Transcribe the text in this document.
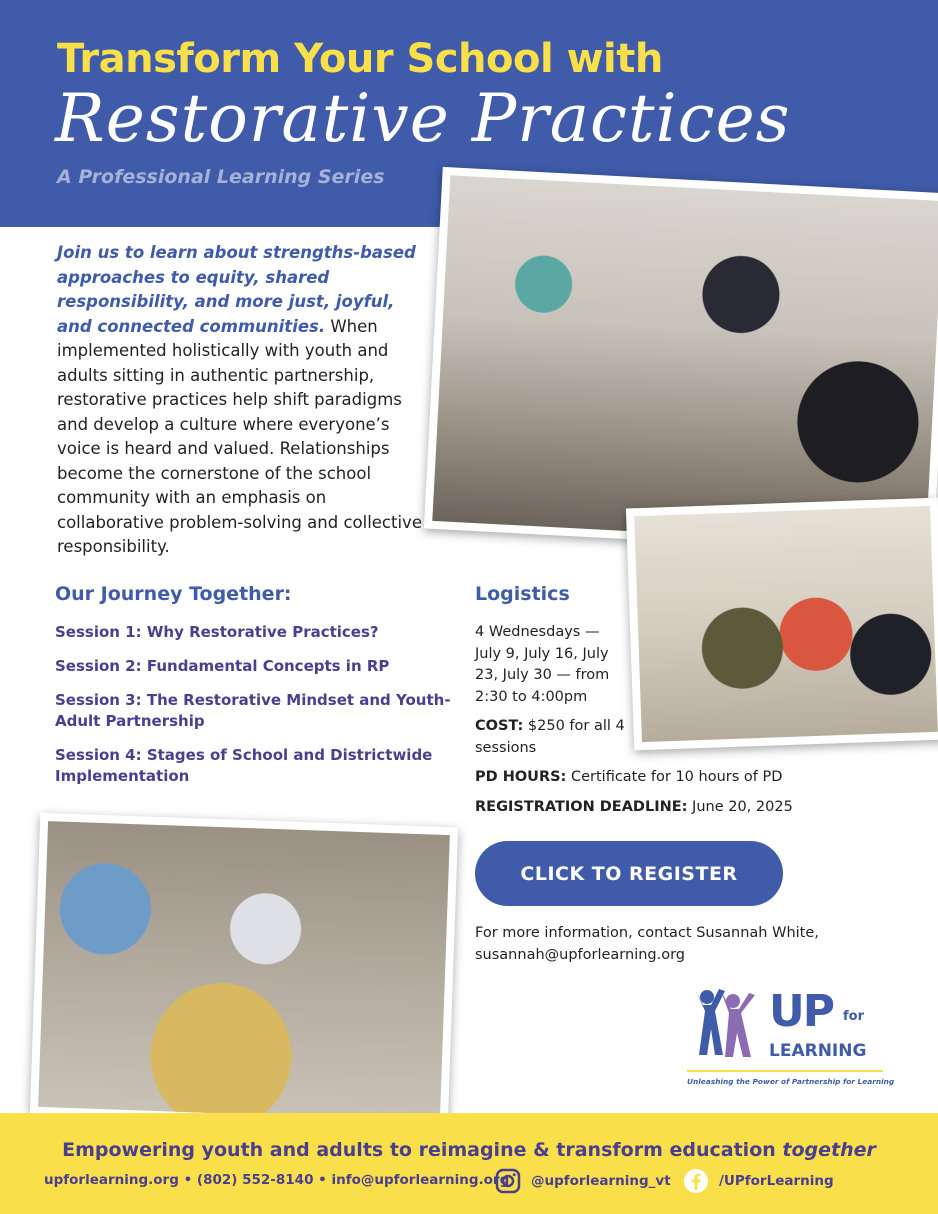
Transform Your School with
Restorative Practices
A Professional Learning Series
Join us to learn about strengths-based approaches to equity, shared responsibility, and more just, joyful, and connected communities. When implemented holistically with youth and adults sitting in authentic partnership, restorative practices help shift paradigms and develop a culture where everyone’s voice is heard and valued. Relationships become the cornerstone of the school community with an emphasis on collaborative problem-solving and collective responsibility.
Our Journey Together:
Session 1: Why Restorative Practices?
Session 2: Fundamental Concepts in RP
Session 3: The Restorative Mindset and Youth-Adult Partnership
Session 4: Stages of School and Districtwide Implementation
Logistics
4 Wednesdays — July 9, July 16, July 23, July 30 — from 2:30 to 4:00pm
COST: $250 for all 4 sessions
PD HOURS: Certificate for 10 hours of PD
REGISTRATION DEADLINE: June 20, 2025
CLICK TO REGISTER
For more information, contact Susannah White,
susannah@upforlearning.org
UP for
LEARNING
Unleashing the Power of Partnership for Learning
Empowering youth and adults to reimagine & transform education together
upforlearning.org • (802) 552-8140 • info@upforlearning.org @upforlearning_vt	/UPforLearning
